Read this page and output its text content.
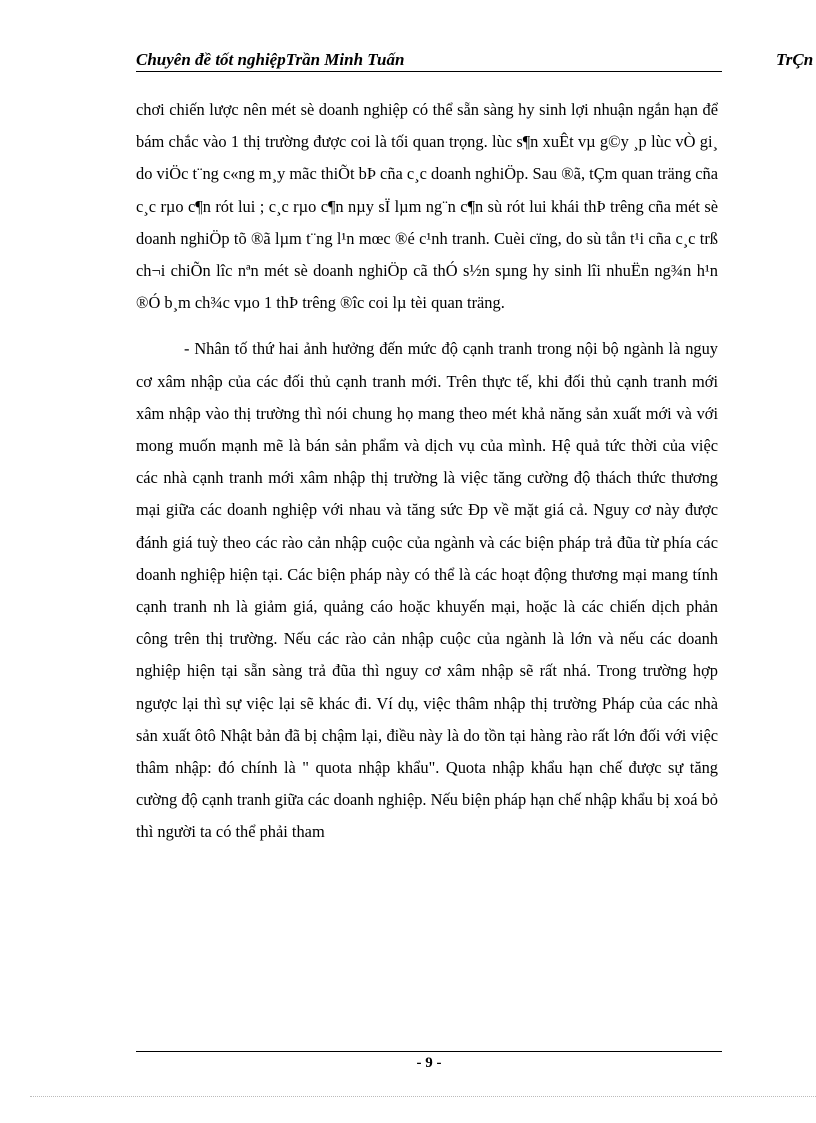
Chuyên đề tốt nghiệpTrần Minh Tuấn	TrÇn

chơi chiến lược nên mét sè doanh nghiệp có thể sẵn sàng hy sinh lợi nhuận ngắn hạn để bám chắc vào 1 thị trường được coi là tối quan trọng. lùc s¶n xuÊt vµ g©y ¸p lùc vÒ gi¸ do viÖc t¨ng c«ng m¸y mãc thiÕt bÞ cña c¸c doanh nghiÖp. Sau ®ã, tÇm quan träng cña c¸c rµo c¶n rót lui ; c¸c rµo c¶n nµy sÏ lµm ng¨n c¶n sù rót lui khái thÞ trêng cña mét sè doanh nghiÖp tõ ®ã lµm t¨ng l¹n mœc ®é c¹nh tranh. Cuèi cïng, do sù tån t¹i cña c¸c trß ch¬i chiÕn lîc nªn mét sè doanh nghiÖp cã thÓ s½n sµng hy sinh lîi nhuËn ng¾n h¹n ®Ó b¸m ch¾c vµo 1 thÞ trêng ®îc coi lµ tèi quan träng.

- Nhân tố thứ hai ảnh hưởng đến mức độ cạnh tranh trong nội bộ ngành là nguy cơ xâm nhập của các đối thủ cạnh tranh mới. Trên thực tế, khi đối thủ cạnh tranh mới xâm nhập vào thị trường thì nói chung họ mang theo mét khả năng sản xuất mới và với mong muốn mạnh mẽ là bán sản phẩm và dịch vụ của mình. Hệ quả tức thời của việc các nhà cạnh tranh mới xâm nhập thị trường là việc tăng cường độ thách thức thương mại giữa các doanh nghiệp với nhau và tăng sức Đp về mặt giá cả. Nguy cơ này được đánh giá tuỳ theo các rào cản nhập cuộc của ngành và các biện pháp trả đũa từ phía các doanh nghiệp hiện tại. Các biện pháp này có thể là các hoạt động thương mại mang tính cạnh tranh nh là giảm giá, quảng cáo hoặc khuyến mại, hoặc là các chiến dịch phản công trên thị trường. Nếu các rào cản nhập cuộc của ngành là lớn và nếu các doanh nghiệp hiện tại sẵn sàng trả đũa thì nguy cơ xâm nhập sẽ rất nhá. Trong trường hợp ngược lại thì sự việc lại sẽ khác đi. Ví dụ, việc thâm nhập thị trường Pháp của các nhà sản xuất ôtô Nhật bản đã bị chậm lại, điều này là do tồn tại hàng rào rất lớn đối với việc thâm nhập: đó chính là " quota nhập khẩu". Quota nhập khẩu hạn chế được sự tăng cường độ cạnh tranh giữa các doanh nghiệp. Nếu biện pháp hạn chế nhập khẩu bị xoá bỏ thì người ta có thể phải tham

- 9 -
